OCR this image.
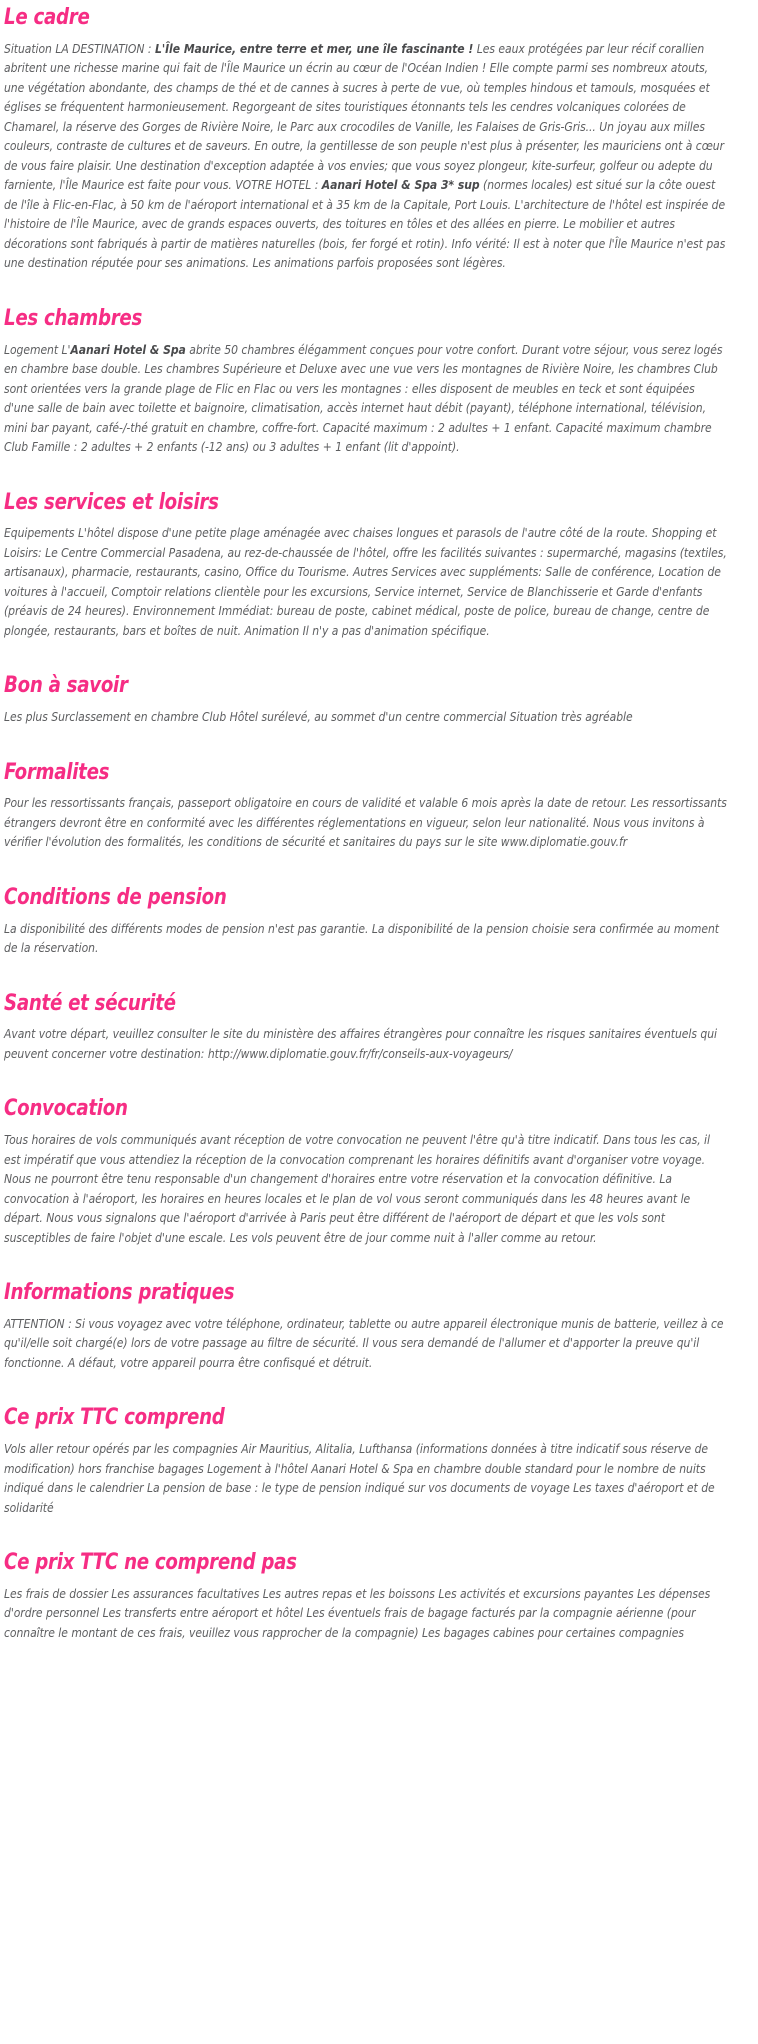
Le cadre

Situation LA DESTINATION : L'Île Maurice, entre terre et mer, une île fascinante ! Les eaux protégées par leur récif corallien abritent une richesse marine qui fait de l'Île Maurice un écrin au cœur de l'Océan Indien ! Elle compte parmi ses nombreux atouts, une végétation abondante, des champs de thé et de cannes à sucres à perte de vue, où temples hindous et tamouls, mosquées et églises se fréquentent harmonieusement. Regorgeant de sites touristiques étonnants tels les cendres volcaniques colorées de Chamarel, la réserve des Gorges de Rivière Noire, le Parc aux crocodiles de Vanille, les Falaises de Gris-Gris... Un joyau aux milles couleurs, contraste de cultures et de saveurs. En outre, la gentillesse de son peuple n'est plus à présenter, les mauriciens ont à cœur de vous faire plaisir. Une destination d'exception adaptée à vos envies; que vous soyez plongeur, kite-surfeur, golfeur ou adepte du farniente, l'Île Maurice est faite pour vous. VOTRE HOTEL : Aanari Hotel & Spa 3* sup (normes locales) est situé sur la côte ouest de l'île à Flic-en-Flac, à 50 km de l'aéroport international et à 35 km de la Capitale, Port Louis. L'architecture de l'hôtel est inspirée de l'histoire de l'Île Maurice, avec de grands espaces ouverts, des toitures en tôles et des allées en pierre. Le mobilier et autres décorations sont fabriqués à partir de matières naturelles (bois, fer forgé et rotin). Info vérité: Il est à noter que l'Île Maurice n'est pas une destination réputée pour ses animations. Les animations parfois proposées sont légères.

Les chambres

Logement L'Aanari Hotel & Spa abrite 50 chambres élégamment conçues pour votre confort. Durant votre séjour, vous serez logés en chambre base double. Les chambres Supérieure et Deluxe avec une vue vers les montagnes de Rivière Noire, les chambres Club sont orientées vers la grande plage de Flic en Flac ou vers les montagnes : elles disposent de meubles en teck et sont équipées d'une salle de bain avec toilette et baignoire, climatisation, accès internet haut débit (payant), téléphone international, télévision, mini bar payant, café-/-thé gratuit en chambre, coffre-fort. Capacité maximum : 2 adultes + 1 enfant. Capacité maximum chambre Club Famille : 2 adultes + 2 enfants (-12 ans) ou 3 adultes + 1 enfant (lit d'appoint).

Les services et loisirs

Equipements L'hôtel dispose d'une petite plage aménagée avec chaises longues et parasols de l'autre côté de la route. Shopping et Loisirs: Le Centre Commercial Pasadena, au rez-de-chaussée de l'hôtel, offre les facilités suivantes : supermarché, magasins (textiles, artisanaux), pharmacie, restaurants, casino, Office du Tourisme. Autres Services avec suppléments: Salle de conférence, Location de voitures à l'accueil, Comptoir relations clientèle pour les excursions, Service internet, Service de Blanchisserie et Garde d'enfants (préavis de 24 heures). Environnement Immédiat: bureau de poste, cabinet médical, poste de police, bureau de change, centre de plongée, restaurants, bars et boîtes de nuit. Animation Il n'y a pas d'animation spécifique.

Bon à savoir

Les plus Surclassement en chambre Club Hôtel surélevé, au sommet d'un centre commercial Situation très agréable

Formalites

Pour les ressortissants français, passeport obligatoire en cours de validité et valable 6 mois après la date de retour. Les ressortissants étrangers devront être en conformité avec les différentes réglementations en vigueur, selon leur nationalité. Nous vous invitons à vérifier l'évolution des formalités, les conditions de sécurité et sanitaires du pays sur le site www.diplomatie.gouv.fr

Conditions de pension

La disponibilité des différents modes de pension n'est pas garantie. La disponibilité de la pension choisie sera confirmée au moment de la réservation.

Santé et sécurité

Avant votre départ, veuillez consulter le site du ministère des affaires étrangères pour connaître les risques sanitaires éventuels qui peuvent concerner votre destination: http://www.diplomatie.gouv.fr/fr/conseils-aux-voyageurs/

Convocation

Tous horaires de vols communiqués avant réception de votre convocation ne peuvent l'être qu'à titre indicatif. Dans tous les cas, il est impératif que vous attendiez la réception de la convocation comprenant les horaires définitifs avant d'organiser votre voyage. Nous ne pourront être tenu responsable d'un changement d'horaires entre votre réservation et la convocation définitive. La convocation à l'aéroport, les horaires en heures locales et le plan de vol vous seront communiqués dans les 48 heures avant le départ. Nous vous signalons que l'aéroport d'arrivée à Paris peut être différent de l'aéroport de départ et que les vols sont susceptibles de faire l'objet d'une escale. Les vols peuvent être de jour comme nuit à l'aller comme au retour.

Informations pratiques

ATTENTION : Si vous voyagez avec votre téléphone, ordinateur, tablette ou autre appareil électronique munis de batterie, veillez à ce qu'il/elle soit chargé(e) lors de votre passage au filtre de sécurité. Il vous sera demandé de l'allumer et d'apporter la preuve qu'il fonctionne. A défaut, votre appareil pourra être confisqué et détruit.

Ce prix TTC comprend

Vols aller retour opérés par les compagnies Air Mauritius, Alitalia, Lufthansa (informations données à titre indicatif sous réserve de modification) hors franchise bagages Logement à l'hôtel Aanari Hotel & Spa en chambre double standard pour le nombre de nuits indiqué dans le calendrier La pension de base : le type de pension indiqué sur vos documents de voyage Les taxes d'aéroport et de solidarité

Ce prix TTC ne comprend pas

Les frais de dossier Les assurances facultatives Les autres repas et les boissons Les activités et excursions payantes Les dépenses d'ordre personnel Les transferts entre aéroport et hôtel Les éventuels frais de bagage facturés par la compagnie aérienne (pour connaître le montant de ces frais, veuillez vous rapprocher de la compagnie) Les bagages cabines pour certaines compagnies
